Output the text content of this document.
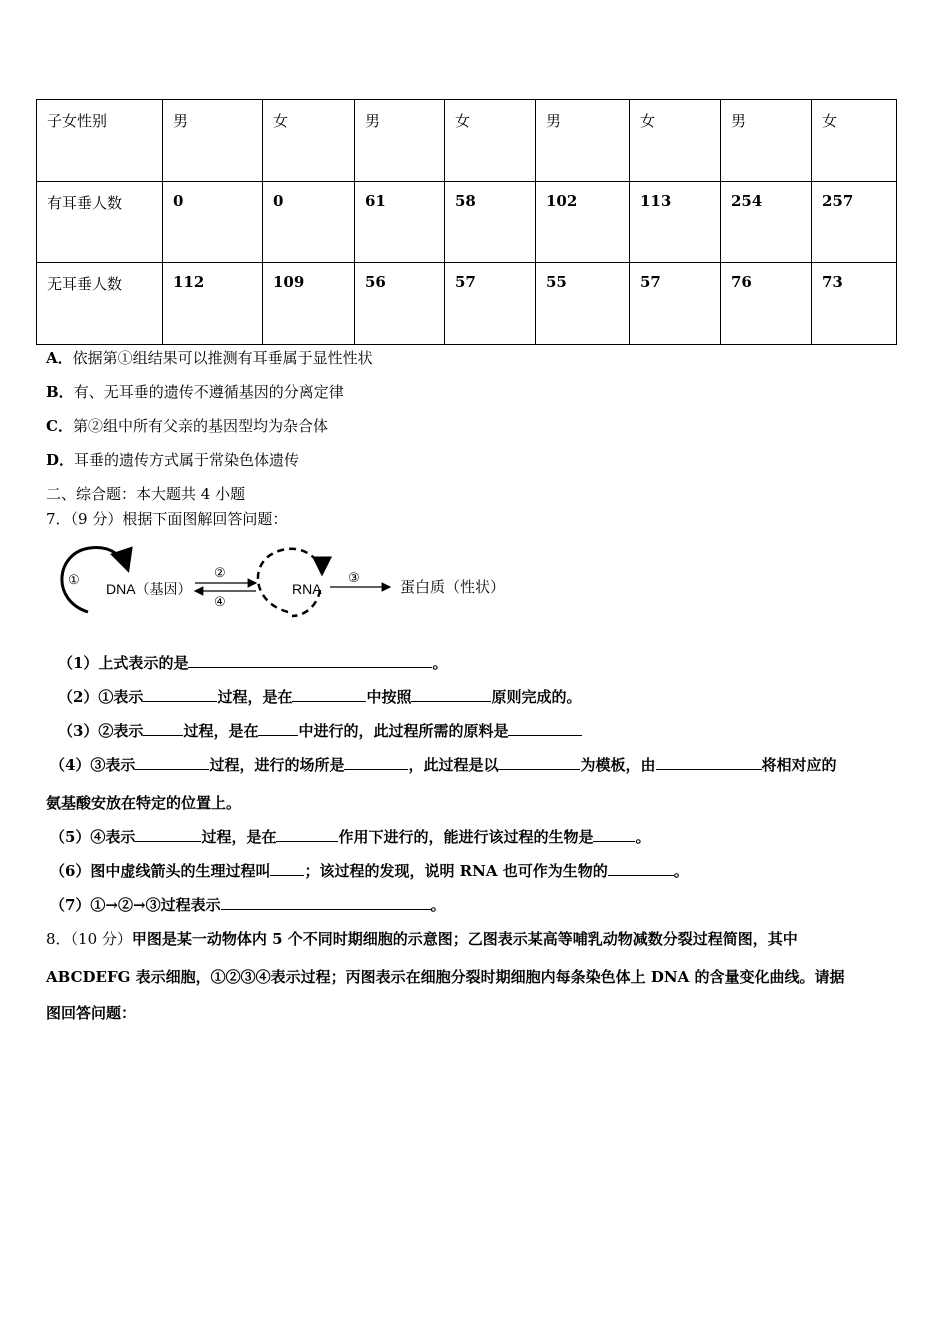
子女性别	男	女	男	女	男	女	男	女
有耳垂人数	0	0	61	58	102	113	254	257
无耳垂人数	112	109	56	57	55	57	76	73
A．依据第①组结果可以推测有耳垂属于显性性状
B．有、无耳垂的遗传不遵循基因的分离定律
C．第②组中所有父亲的基因型均为杂合体
D．耳垂的遗传方式属于常染色体遗传
二、综合题：本大题共 4 小题
7．（9 分）根据下面图解回答问题：
①
DNA（基因）
②
④
RNA
③	蛋白质（性状）
（1）上式表示的是	。
（2）①表示	过程，是在	中按照	原则完成的。
（3）②表示	过程，是在	中进行的，此过程所需的原料是
（4）③表示	过程，进行的场所是	，此过程是以	为模板，由	将相对应的
氨基酸安放在特定的位置上。
（5）④表示	过程，是在	作用下进行的，能进行该过程的生物是	。
（6）图中虚线箭头的生理过程叫 ；该过程的发现，说明 RNA 也可作为生物的	。
（7）①→②→③过程表示	。
8．（10 分）甲图是某一动物体内 5 个不同时期细胞的示意图；乙图表示某高等哺乳动物减数分裂过程简图，其中
ABCDEFG 表示细胞，①②③④表示过程；丙图表示在细胞分裂时期细胞内每条染色体上 DNA 的含量变化曲线。请据
图回答问题：
